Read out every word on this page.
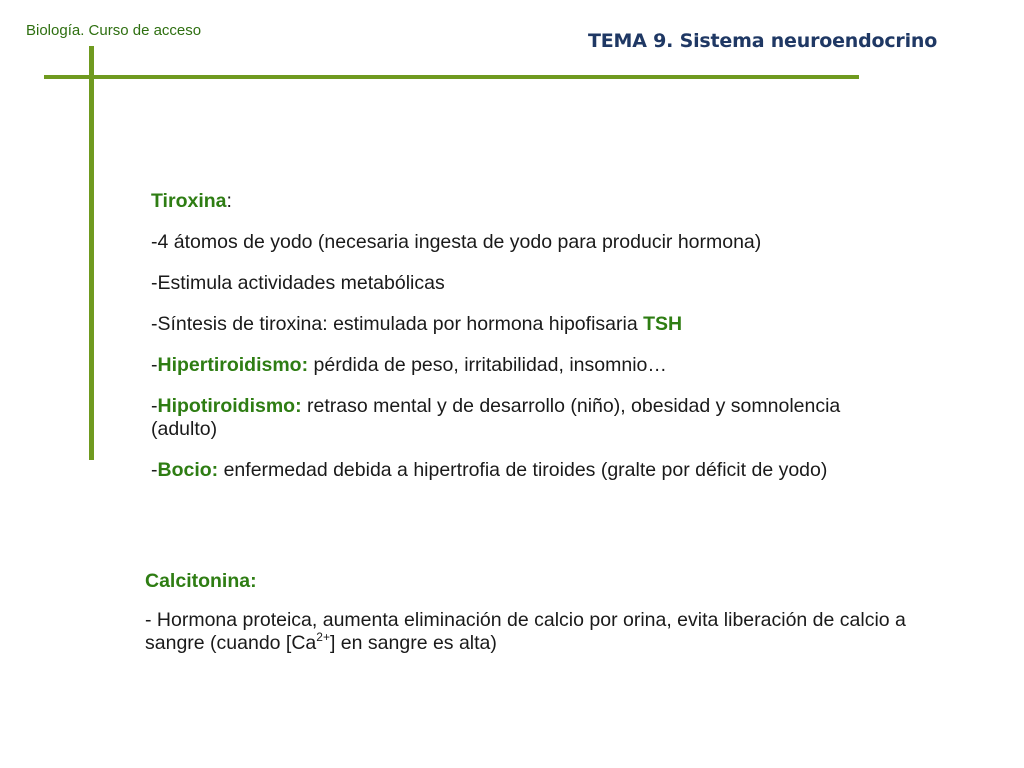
Biología. Curso de acceso	TEMA 9. Sistema neuroendocrino

Tiroxina:

-4 átomos de yodo (necesaria ingesta de yodo para producir hormona)

-Estimula actividades metabólicas

-Síntesis de tiroxina: estimulada por hormona hipofisaria TSH

-Hipertiroidismo: pérdida de peso, irritabilidad, insomnio…

-Hipotiroidismo: retraso mental y de desarrollo (niño), obesidad y somnolencia (adulto)

-Bocio: enfermedad debida a hipertrofia de tiroides (gralte por déficit de yodo)

Calcitonina:

- Hormona proteica, aumenta eliminación de calcio por orina, evita liberación de calcio a sangre (cuando $[Ca^{2+}]$ en sangre es alta)
